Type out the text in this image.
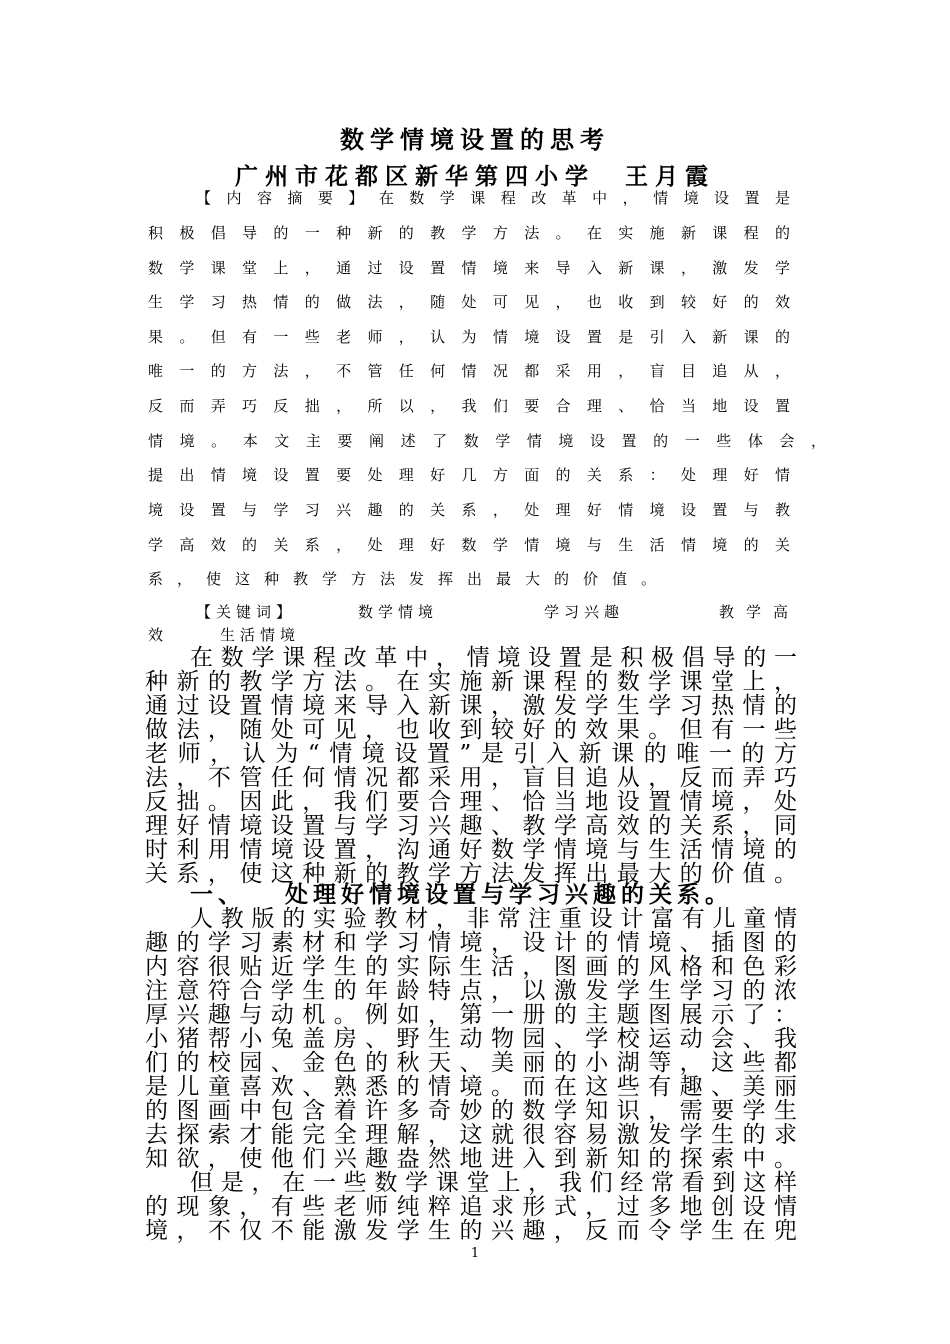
数学情境设置的思考
广州市花都区新华第四小学　王月霞
【内容摘要】在数学课程改革中，情境设置是
积极倡导的一种新的教学方法。在实施新课程的
数学课堂上，通过设置情境来导入新课，激发学
生学习热情的做法，随处可见，也收到较好的效
果。但有一些老师，认为情境设置是引入新课的
唯一的方法，不管任何情况都采用，盲目追从，
反而弄巧反拙，所以，我们要合理、恰当地设置
情境。本文主要阐述了数学情境设置的一些体会，
提出情境设置要处理好几方面的关系：处理好情
境设置与学习兴趣的关系，处理好情境设置与教
学高效的关系，处理好数学情境与生活情境的关
系，使这种教学方法发挥出最大的价值。
【关键词】	数学情境	学习兴趣	教学高
效	生活情境
在数学课程改革中，情境设置是积极倡导的一
种新的教学方法。在实施新课程的数学课堂上，
通过设置情境来导入新课，激发学生学习热情的
做法，随处可见，也收到较好的效果。但有一些
老师，认为“情境设置”是引入新课的唯一的方
法，不管任何情况都采用，盲目追从，反而弄巧
反拙。因此，我们要合理、恰当地设置情境，处
理好情境设置与学习兴趣、教学高效的关系，同
时利用情境设置，沟通好数学情境与生活情境的
关系，使这种新的教学方法发挥出最大的价值。
一、 处理好情境设置与学习兴趣的关系。
人教版的实验教材，非常注重设计富有儿童情
趣的学习素材和学习情境，设计的情境、插图的
内容很贴近学生的实际生活，图画的风格和色彩
注意符合学生的年龄特点，以激发学生学习的浓
厚兴趣与动机。例如，第一册的主题图展示了：
小猪帮小兔盖房、野生动物园、学校运动会、我
们的校园、金色的秋天、美丽的小湖等，这些都
是儿童喜欢、熟悉的情境。而在这些有趣、美丽
的图画中包含着许多奇妙的数学知识，需要学生
去探索才能完全理解，这就很容易激发学生的求
知欲，使他们兴趣盎然地进入到新知的探索中。
但是，在一些数学课堂上，我们经常看到这样
的现象，有些老师纯粹追求形式，过多地创设情
境，不仅不能激发学生的兴趣，反而令学生在兜
1
